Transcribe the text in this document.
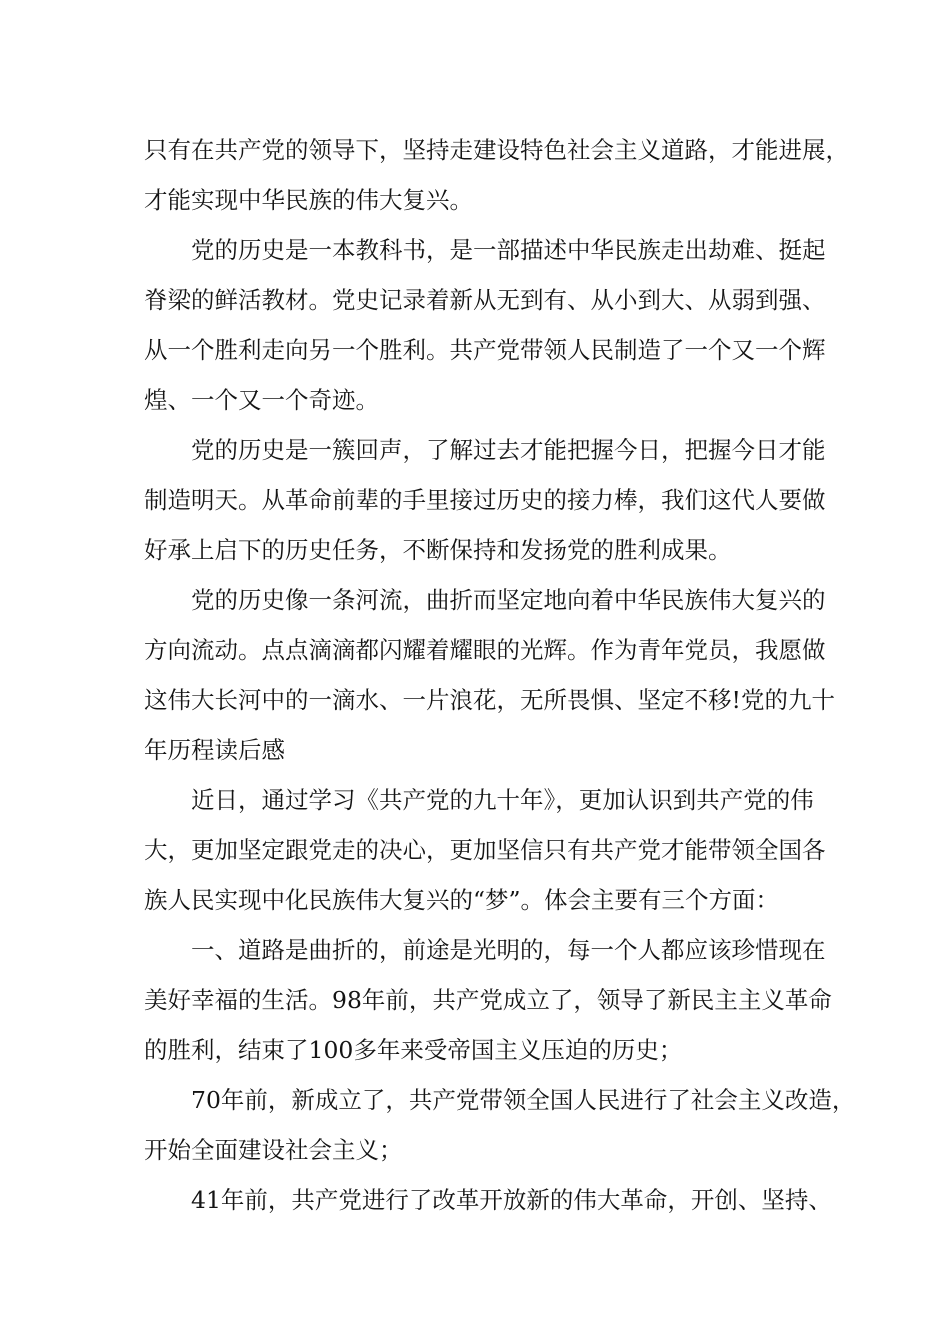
只有在共产党的领导下，坚持走建设特色社会主义道路，才能进展，
才能实现中华民族的伟大复兴。
党的历史是一本教科书，是一部描述中华民族走出劫难、挺起
脊梁的鲜活教材。党史记录着新从无到有、从小到大、从弱到强、
从一个胜利走向另一个胜利。共产党带领人民制造了一个又一个辉
煌、一个又一个奇迹。
党的历史是一簇回声，了解过去才能把握今日，把握今日才能
制造明天。从革命前辈的手里接过历史的接力棒，我们这代人要做
好承上启下的历史任务，不断保持和发扬党的胜利成果。
党的历史像一条河流，曲折而坚定地向着中华民族伟大复兴的
方向流动。点点滴滴都闪耀着耀眼的光辉。作为青年党员，我愿做
这伟大长河中的一滴水、一片浪花，无所畏惧、坚定不移!党的九十
年历程读后感
近日，通过学习《共产党的九十年》，更加认识到共产党的伟
大，更加坚定跟党走的决心，更加坚信只有共产党才能带领全国各
族人民实现中化民族伟大复兴的“梦”。体会主要有三个方面：
一、道路是曲折的，前途是光明的，每一个人都应该珍惜现在
美好幸福的生活。98年前，共产党成立了，领导了新民主主义革命
的胜利，结束了100多年来受帝国主义压迫的历史；
70年前，新成立了，共产党带领全国人民进行了社会主义改造，
开始全面建设社会主义；
41年前，共产党进行了改革开放新的伟大革命，开创、坚持、
